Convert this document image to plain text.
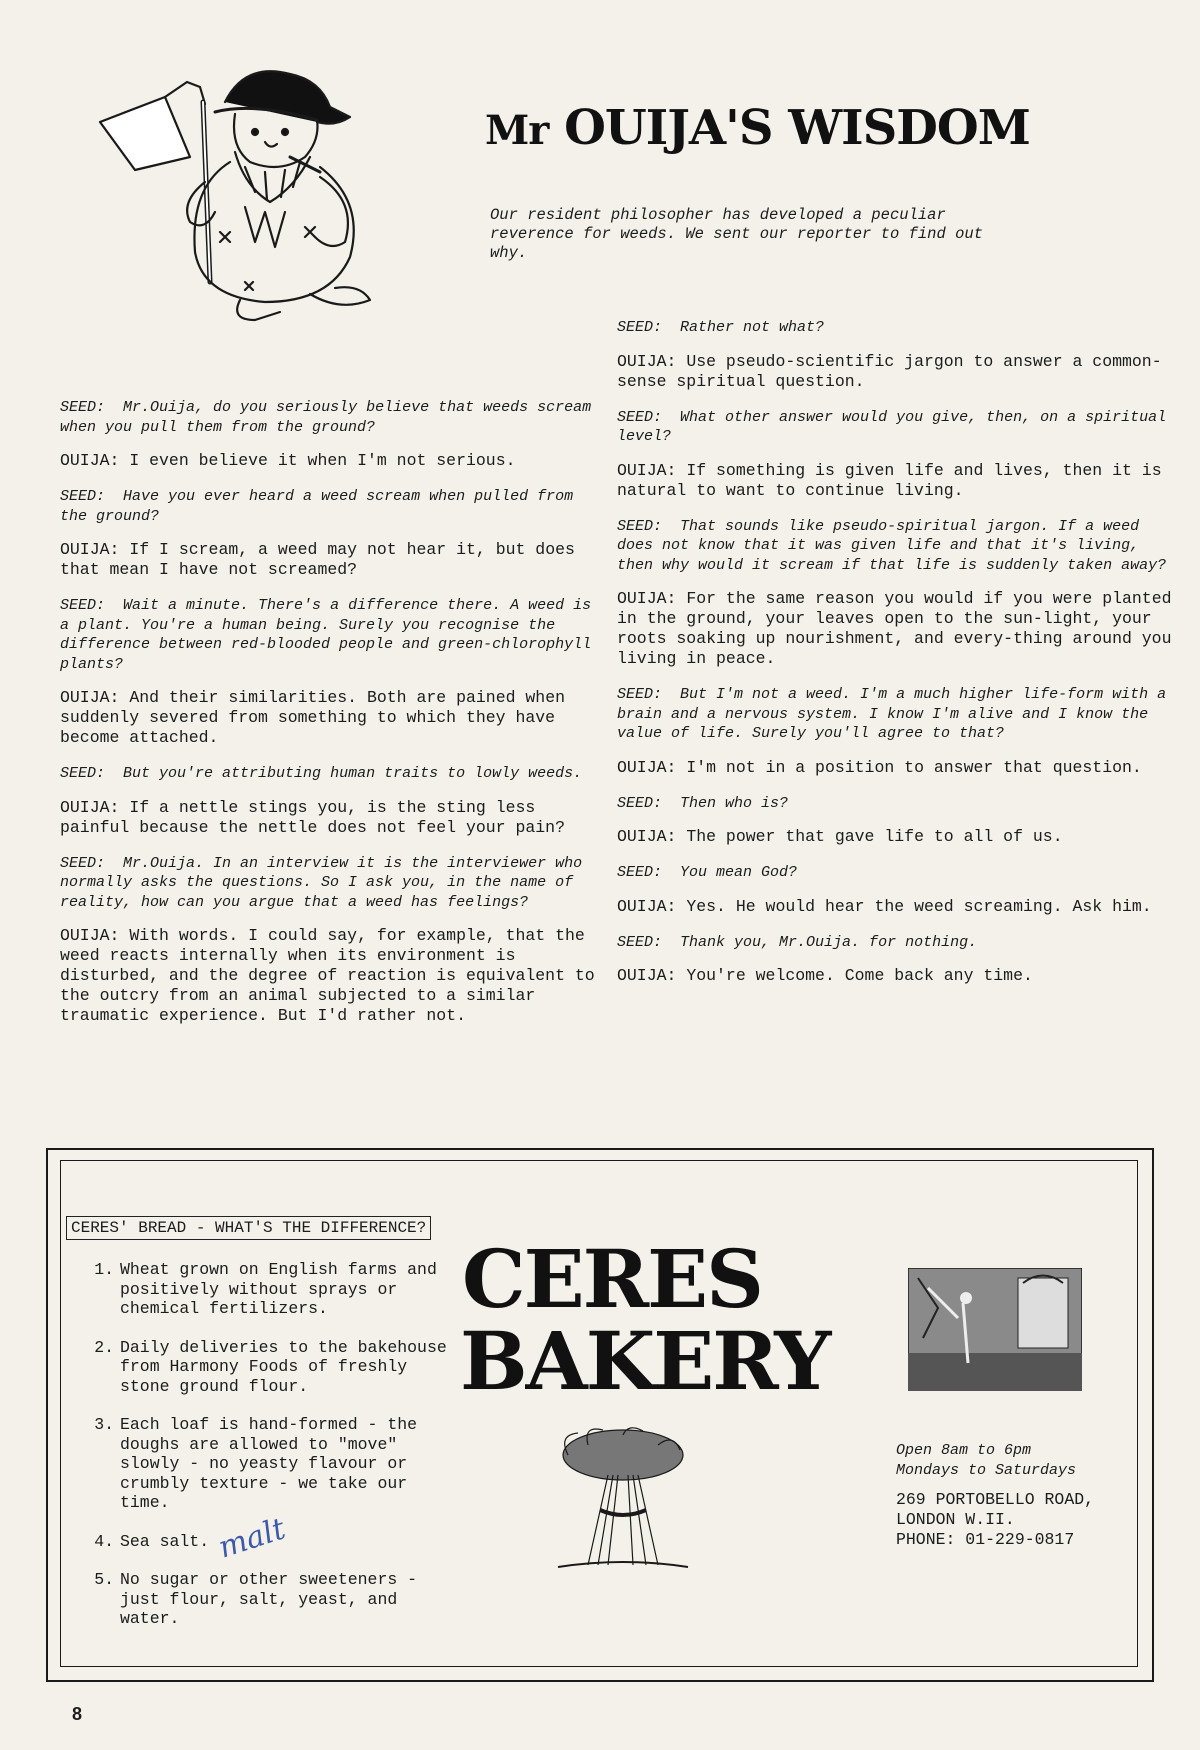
Mr OUIJA'S WISDOM
Our resident philosopher has developed a peculiar reverence for weeds. We sent our reporter to find out why.
SEED: Mr.Ouija, do you seriously believe that weeds scream when you pull them from the ground?
OUIJA: I even believe it when I'm not serious.
SEED: Have you ever heard a weed scream when pulled from the ground?
OUIJA: If I scream, a weed may not hear it, but does that mean I have not screamed?
SEED: Wait a minute. There's a difference there. A weed is a plant. You're a human being. Surely you recognise the difference between red-blooded people and green-chlorophyll plants?
OUIJA: And their similarities. Both are pained when suddenly severed from something to which they have become attached.
SEED: But you're attributing human traits to lowly weeds.
OUIJA: If a nettle stings you, is the sting less painful because the nettle does not feel your pain?
SEED: Mr.Ouija. In an interview it is the interviewer who normally asks the questions. So I ask you, in the name of reality, how can you argue that a weed has feelings?
OUIJA: With words. I could say, for example, that the weed reacts internally when its environment is disturbed, and the degree of reaction is equivalent to the outcry from an animal subjected to a similar traumatic experience. But I'd rather not.
SEED: Rather not what?
OUIJA: Use pseudo-scientific jargon to answer a common-sense spiritual question.
SEED: What other answer would you give, then, on a spiritual level?
OUIJA: If something is given life and lives, then it is natural to want to continue living.
SEED: That sounds like pseudo-spiritual jargon. If a weed does not know that it was given life and that it's living, then why would it scream if that life is suddenly taken away?
OUIJA: For the same reason you would if you were planted in the ground, your leaves open to the sun-light, your roots soaking up nourishment, and every-thing around you living in peace.
SEED: But I'm not a weed. I'm a much higher life-form with a brain and a nervous system. I know I'm alive and I know the value of life. Surely you'll agree to that?
OUIJA: I'm not in a position to answer that question.
SEED: Then who is?
OUIJA: The power that gave life to all of us.
SEED: You mean God?
OUIJA: Yes. He would hear the weed screaming. Ask him.
SEED: Thank you, Mr.Ouija. for nothing.
OUIJA: You're welcome. Come back any time.
CERES' BREAD - WHAT'S THE DIFFERENCE?
1. Wheat grown on English farms and positively without sprays or chemical fertilizers.
2. Daily deliveries to the bakehouse from Harmony Foods of freshly stone ground flour.
3. Each loaf is hand-formed - the doughs are allowed to "move" slowly - no yeasty flavour or crumbly texture - we take our time.
4. Sea salt.
5. No sugar or other sweeteners - just flour, salt, yeast, and water.
malt
CERES
BAKERY
Open 8am to 6pm
Mondays to Saturdays
269 PORTOBELLO ROAD,
LONDON W.II.
PHONE: 01-229-0817
8
